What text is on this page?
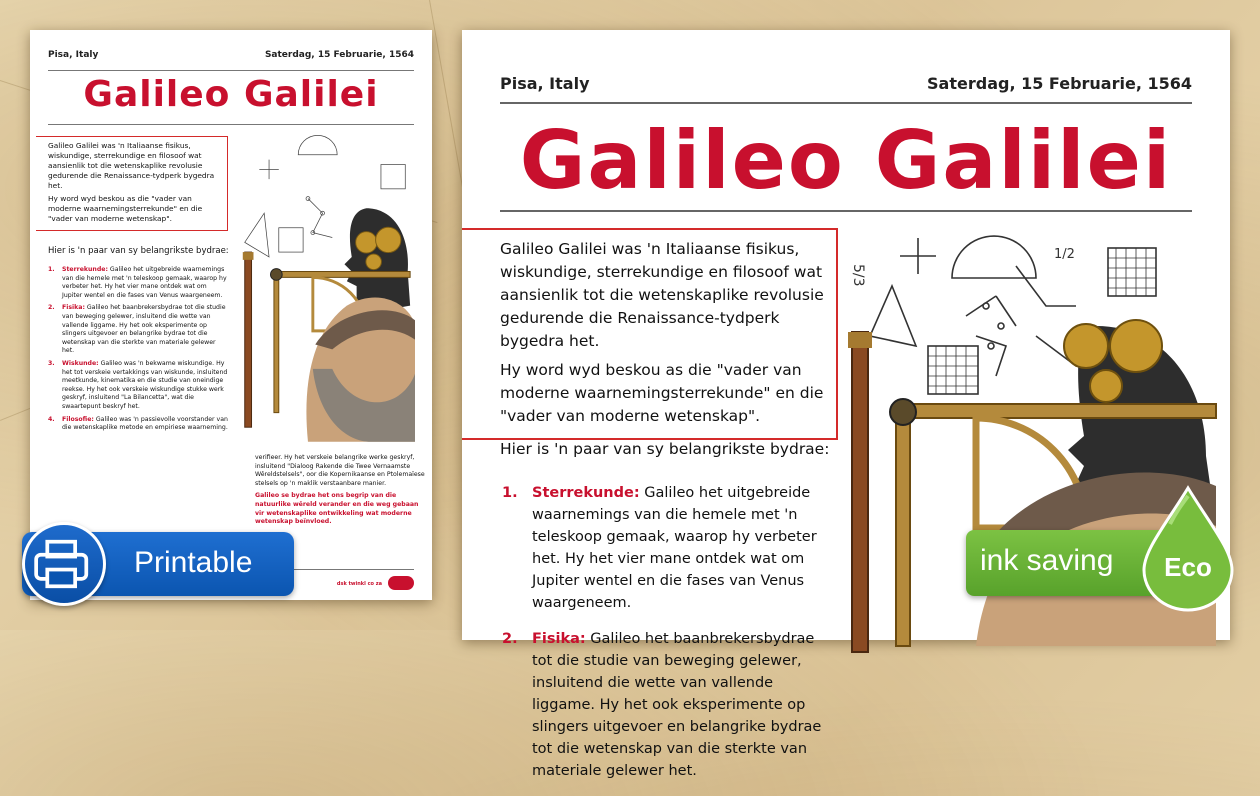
Pisa, Italy	Saterdag, 15 Februarie, 1564
Galileo Galilei

Galileo Galilei was 'n Italiaanse fisikus, wiskundige, sterrekundige en filosoof wat aansienlik tot die wetenskaplike revolusie gedurende die Renaissance-tydperk bygedra het.

Hy word wyd beskou as die "vader van moderne waarnemingsterrekunde" en die "vader van moderne wetenskap".

Hier is 'n paar van sy belangrikste bydrae:
1. Sterrekunde: Galileo het uitgebreide waarnemings van die hemele met 'n teleskoop gemaak, waarop hy verbeter het. Hy het vier mane ontdek wat om Jupiter wentel en die fases van Venus waargeneem.
2. Fisika: Galileo het baanbrekersbydrae tot die studie van beweging gelewer, insluitend die wette van vallende liggame. Hy het ook eksperimente op slingers uitgevoer en belangrike bydrae tot die wetenskap van die sterkte van materiale gelewer het.
3. Wiskunde: Galileo was 'n bekwame wiskundige. Hy het tot verskeie vertakkings van wiskunde, insluitend meetkunde, kinematika en die studie van oneindige reekse. Hy het ook verskeie wiskundige stukke werk geskryf, insluitend "La Bilancetta", wat die swaartepunt beskryf het.
4. Filosofie: Galileo was 'n passievolle voorstander van die wetenskaplike metode en empiriese waarneming.
verifieer. Hy het verskeie belangrike werke geskryf, insluitend "Dialoog Rakende die Twee Vernaamste Wêreldstelsels", oor die Kopernikaanse en Ptolemaïese stelsels op 'n maklik verstaanbare manier.
Galileo se bydrae het ons begrip van die natuurlike wêreld verander en die weg gebaan vir wetenskaplike ontwikkeling wat moderne wetenskap beïnvloed.
dsk twinkl co za
Pisa, Italy	Saterdag, 15 Februarie, 1564
Galileo Galilei

Galileo Galilei was 'n Italiaanse fisikus, wiskundige, sterrekundige en filosoof wat aansienlik tot die wetenskaplike revolusie gedurende die Renaissance-tydperk bygedra het.

Hy word wyd beskou as die "vader van moderne waarnemingsterrekunde" en die "vader van moderne wetenskap".

Hier is 'n paar van sy belangrikste bydrae:
1. Sterrekunde: Galileo het uitgebreide waarnemings van die hemele met 'n teleskoop gemaak, waarop hy verbeter het. Hy het vier mane ontdek wat om Jupiter wentel en die fases van Venus waargeneem.
2. Fisika: Galileo het baanbrekersbydrae tot die studie van beweging gelewer, insluitend die wette van vallende liggame. Hy het ook eksperimente op slingers uitgevoer en belangrike bydrae tot die wetenskap van die sterkte van materiale gelewer het.
5/3
1/2
Printable	ink saving Eco
